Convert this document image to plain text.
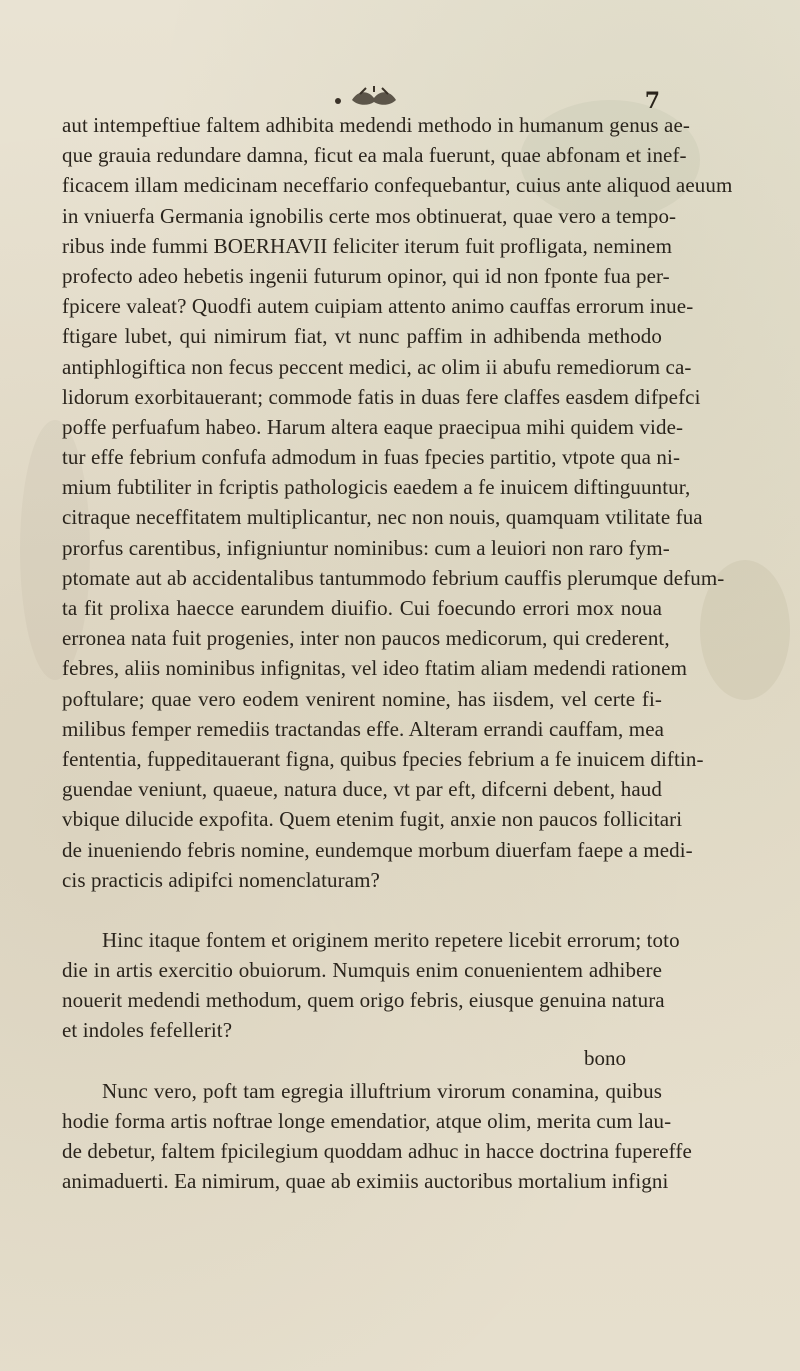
7
aut intempeftiue faltem adhibita medendi methodo in humanum genus ae-
que grauia redundare damna, ficut ea mala fuerunt, quae abfonam et inef-
ficacem illam medicinam neceffario confequebantur, cuius ante aliquod aeuum
in vniuerfa Germania ignobilis certe mos obtinuerat, quae vero a tempo-
ribus inde fummi BOERHAVII feliciter iterum fuit profligata, neminem
profecto adeo hebetis ingenii futurum opinor, qui id non fponte fua per-
fpicere valeat? Quodfi autem cuipiam attento animo cauffas errorum inue-
ftigare lubet, qui nimirum fiat, vt nunc paffim in adhibenda methodo
antiphlogiftica non fecus peccent medici, ac olim ii abufu remediorum ca-
lidorum exorbitauerant; commode fatis in duas fere claffes easdem difpefci
poffe perfuafum habeo. Harum altera eaque praecipua mihi quidem vide-
tur effe febrium confufa admodum in fuas fpecies partitio, vtpote qua ni-
mium fubtiliter in fcriptis pathologicis eaedem a fe inuicem diftinguuntur,
citraque neceffitatem multiplicantur, nec non nouis, quamquam vtilitate fua
prorfus carentibus, infigniuntur nominibus: cum a leuiori non raro fym-
ptomate aut ab accidentalibus tantummodo febrium cauffis plerumque defum-
ta fit prolixa haecce earundem diuifio. Cui foecundo errori mox noua
erronea nata fuit progenies, inter non paucos medicorum, qui crederent,
febres, aliis nominibus infignitas, vel ideo ftatim aliam medendi rationem
poftulare; quae vero eodem venirent nomine, has iisdem, vel certe fi-
milibus femper remediis tractandas effe. Alteram errandi cauffam, mea
fententia, fuppeditauerant figna, quibus fpecies febrium a fe inuicem diftin-
guendae veniunt, quaeue, natura duce, vt par eft, difcerni debent, haud
vbique dilucide expofita. Quem etenim fugit, anxie non paucos follicitari
de inueniendo febris nomine, eundemque morbum diuerfam faepe a medi-
cis practicis adipifci nomenclaturam?
Hinc itaque fontem et originem merito repetere licebit errorum; toto
die in artis exercitio obuiorum. Numquis enim conuenientem adhibere
nouerit medendi methodum, quem origo febris, eiusque genuina natura
et indoles fefellerit?
Nunc vero, poft tam egregia illuftrium virorum conamina, quibus
hodie forma artis noftrae longe emendatior, atque olim, merita cum lau-
de debetur, faltem fpicilegium quoddam adhuc in hacce doctrina fupereffe
animaduerti. Ea nimirum, quae ab eximiis auctoribus mortalium infigni
bono
